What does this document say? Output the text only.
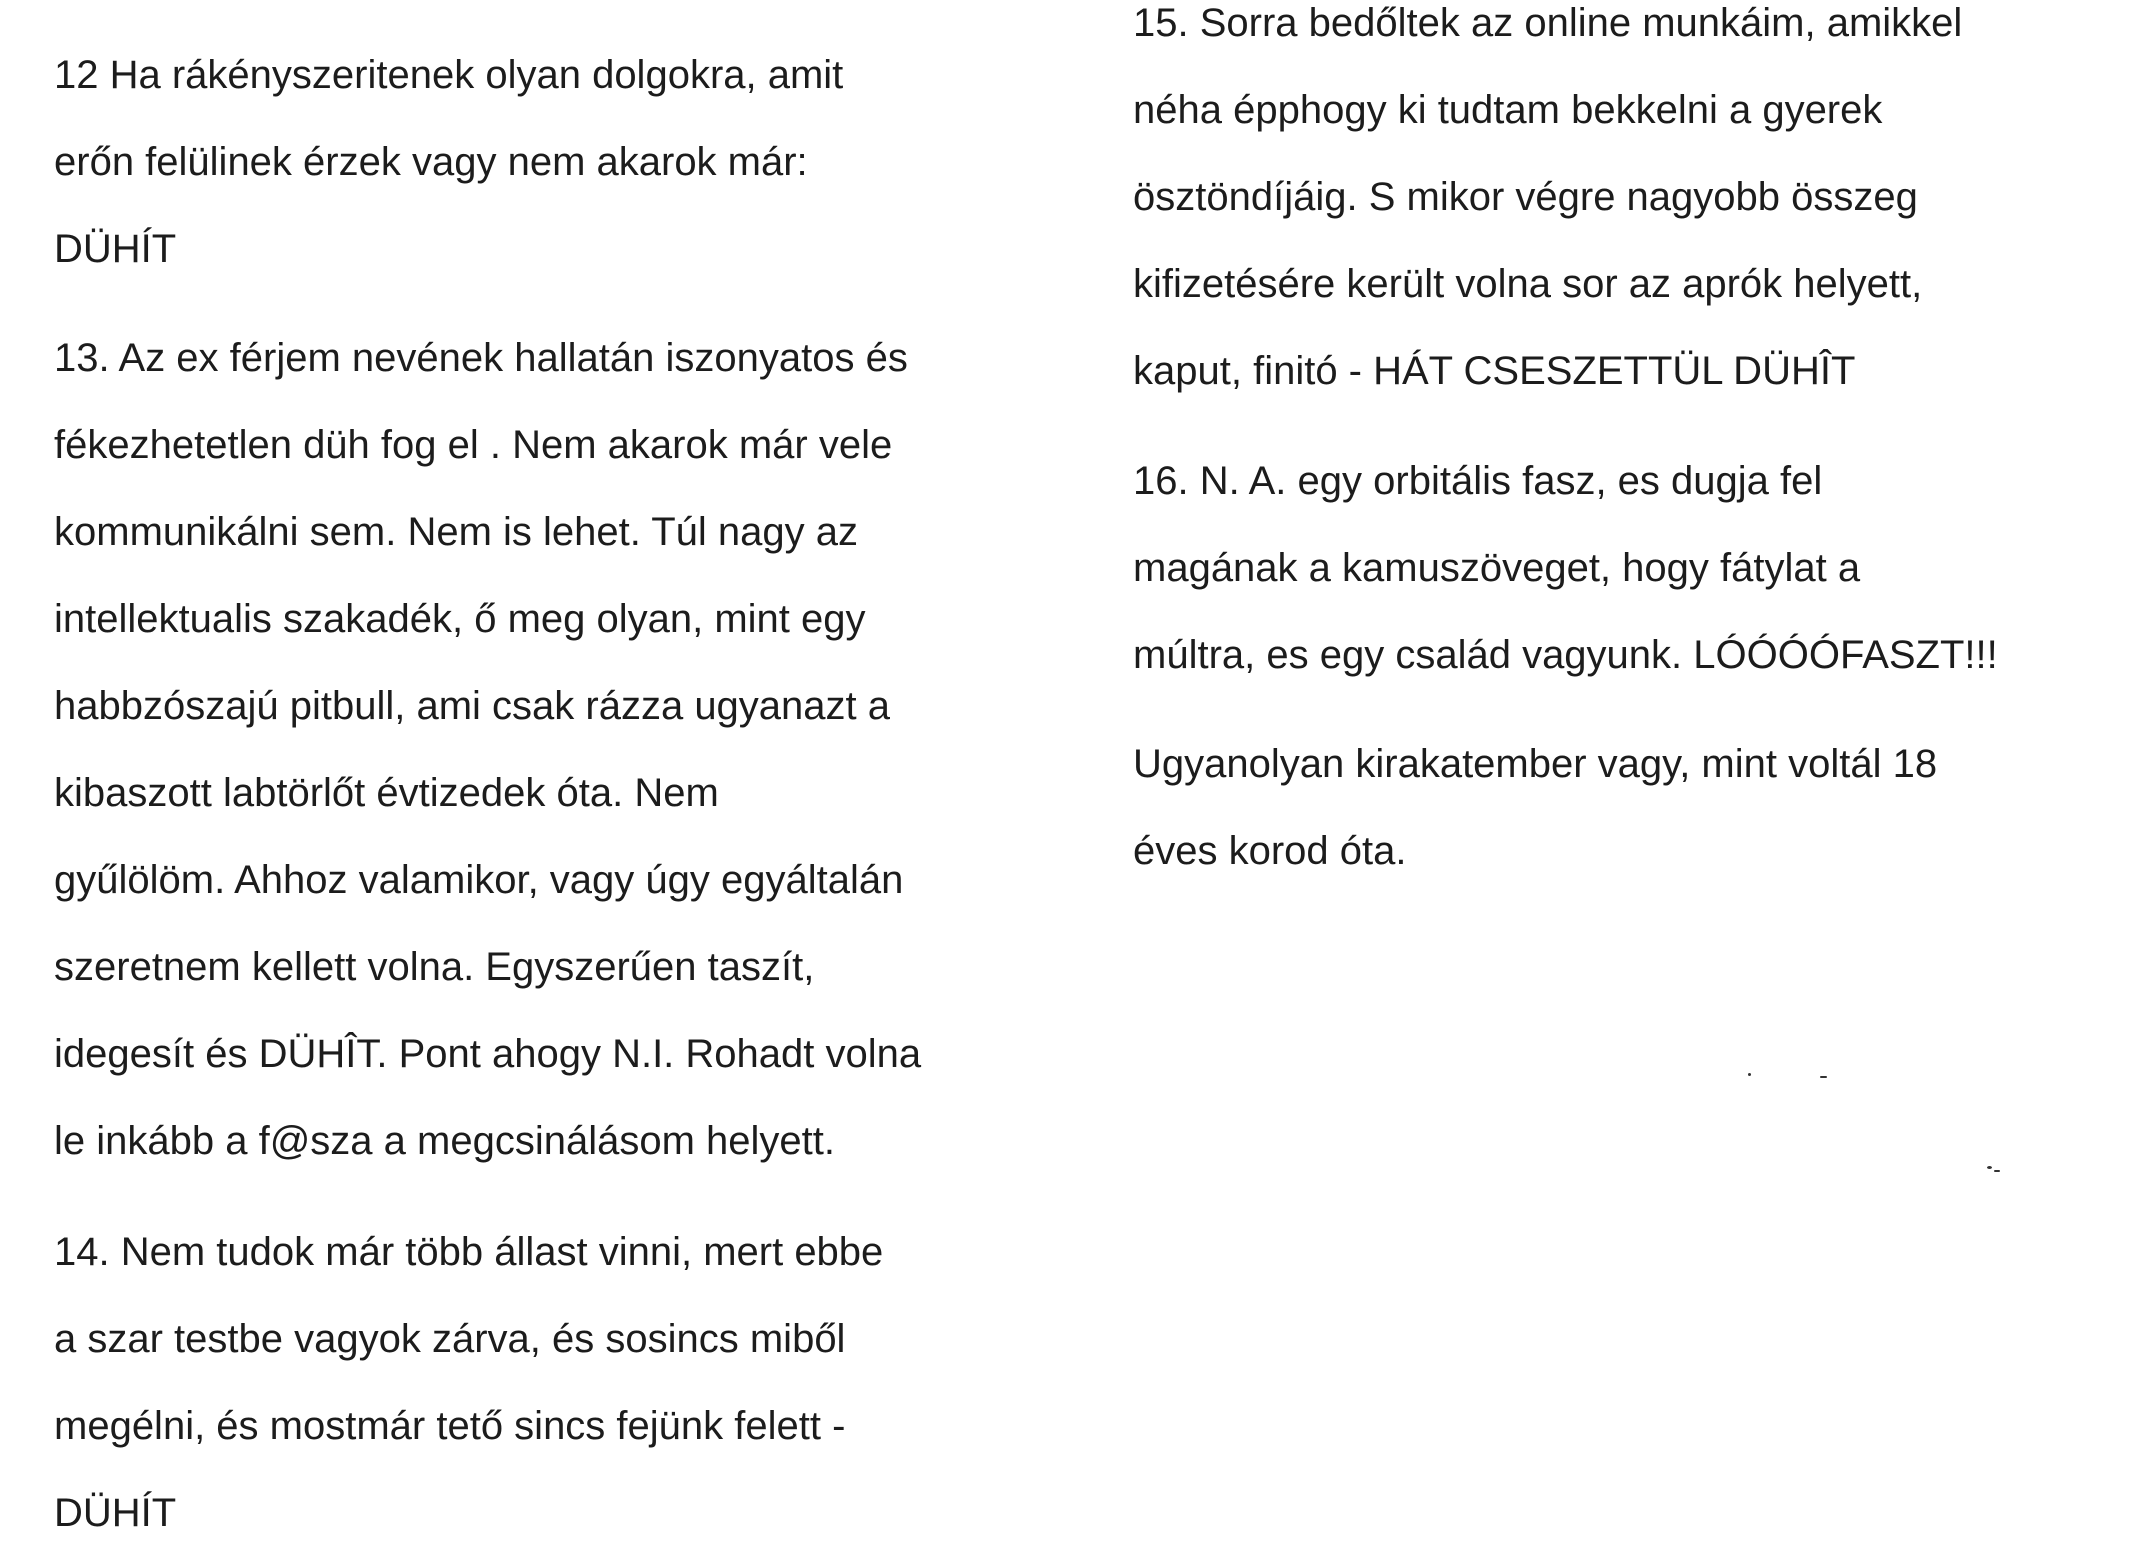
12 Ha rákényszeritenek olyan dolgokra, amit
erőn felülinek érzek vagy nem akarok már:
DÜHÍT

13. Az ex férjem nevének hallatán iszonyatos és
fékezhetetlen düh fog el . Nem akarok már vele
kommunikálni sem. Nem is lehet. Túl nagy az
intellektualis szakadék, ő meg olyan, mint egy
habbzószajú pitbull, ami csak rázza ugyanazt a
kibaszott labtörlőt évtizedek óta. Nem
gyűlölöm. Ahhoz valamikor, vagy úgy egyáltalán
szeretnem kellett volna. Egyszerűen taszít,
idegesít és DÜHÎT. Pont ahogy N.I. Rohadt volna
le inkább a f@sza a megcsinálásom helyett.

14. Nem tudok már több állast vinni, mert ebbe
a szar testbe vagyok zárva, és sosincs miből
megélni, és mostmár tető sincs fejünk felett -
DÜHÍT

15. Sorra bedőltek az online munkáim, amikkel
néha épphogy ki tudtam bekkelni a gyerek
ösztöndíjáig. S mikor végre nagyobb összeg
kifizetésére került volna sor az aprók helyett,
kaput, finitó - HÁT CSESZETTÜL DÜHÎT

16. N. A. egy orbitális fasz, es dugja fel
magának a kamuszöveget, hogy fátylat a
múltra, es egy család vagyunk. LÓÓÓÓFASZT!!!

Ugyanolyan kirakatember vagy, mint voltál 18
éves korod óta.
